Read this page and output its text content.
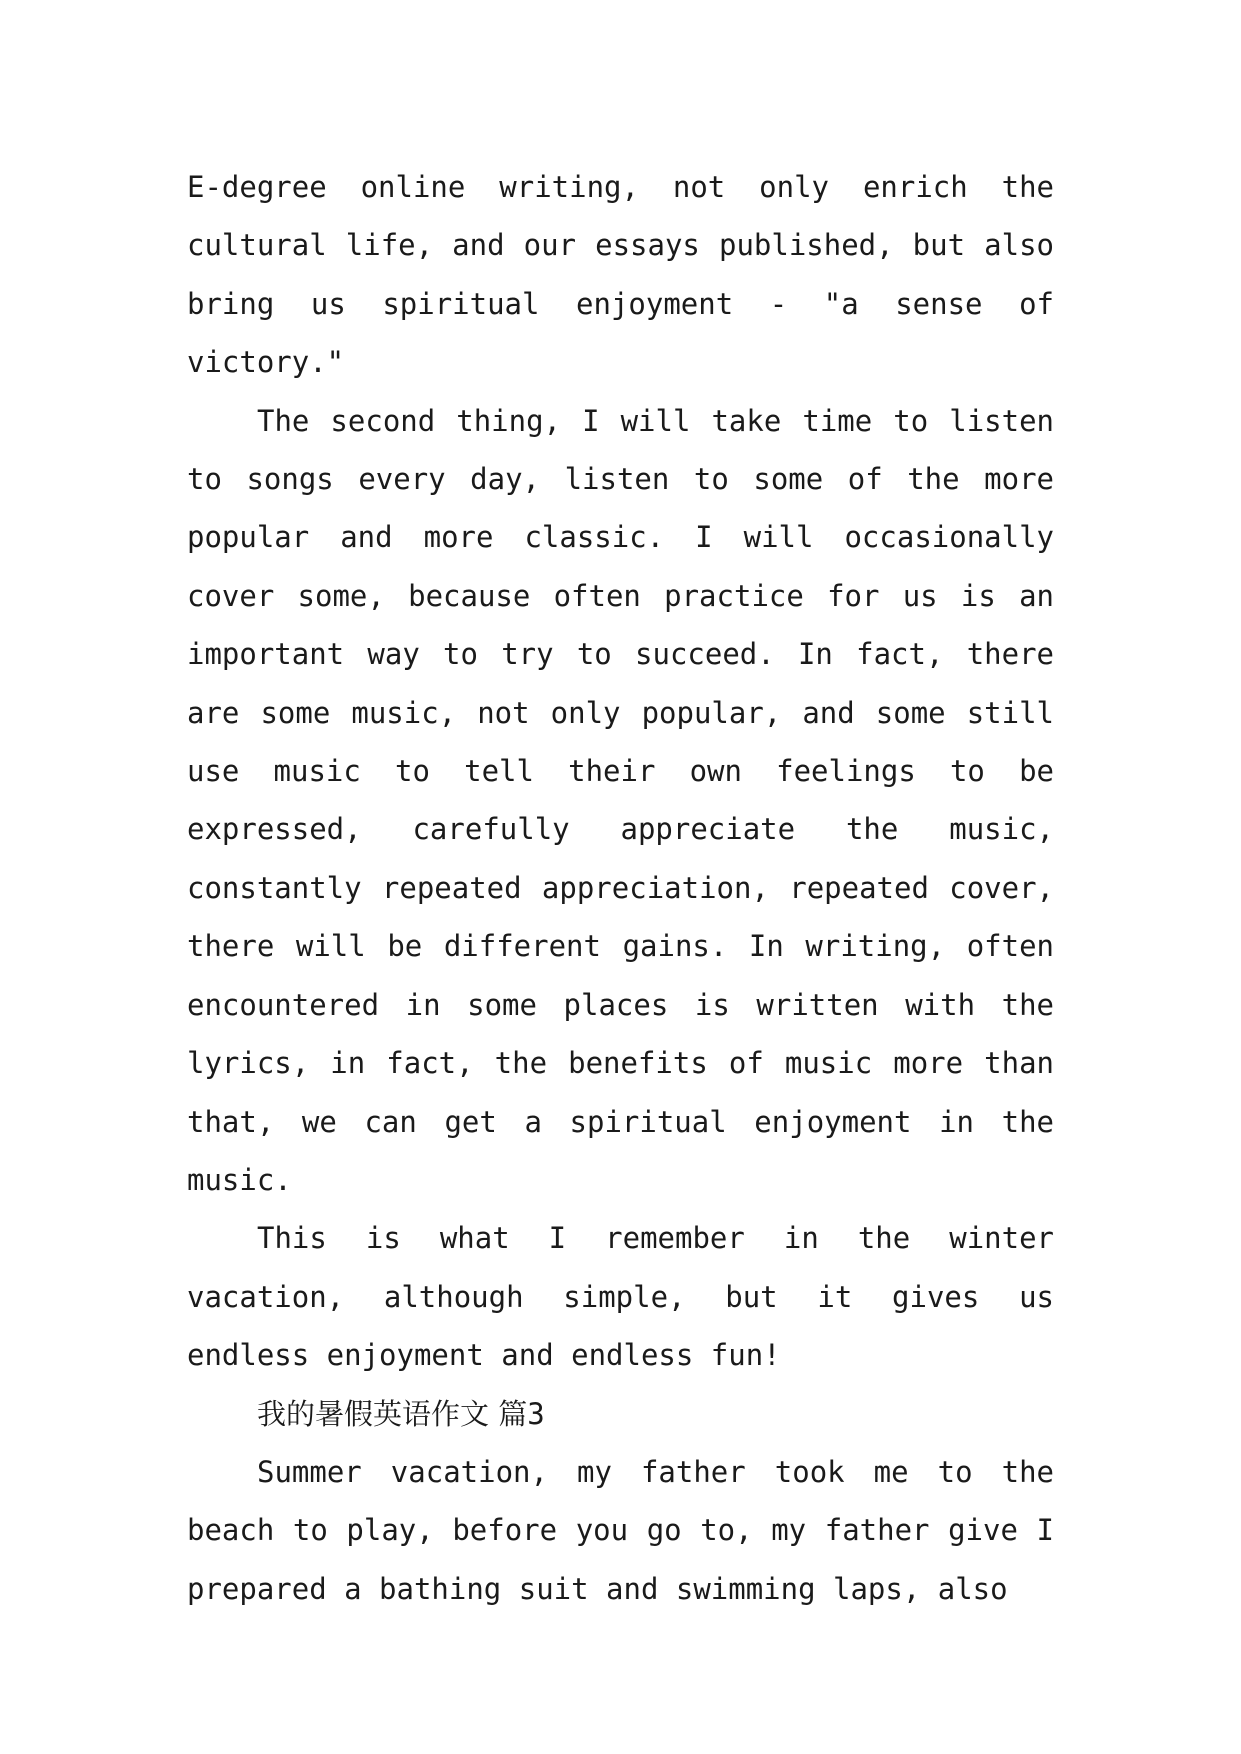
E-degree online writing, not only enrich the cultural life, and our essays published, but also bring us spiritual enjoyment - "a sense of victory."

The second thing, I will take time to listen to songs every day, listen to some of the more popular and more classic. I will occasionally cover some, because often practice for us is an important way to try to succeed. In fact, there are some music, not only popular, and some still use music to tell their own feelings to be expressed, carefully appreciate the music, constantly repeated appreciation, repeated cover, there will be different gains. In writing, often encountered in some places is written with the lyrics, in fact, the benefits of music more than that, we can get a spiritual enjoyment in the music.

This is what I remember in the winter vacation, although simple, but it gives us endless enjoyment and endless fun!

我的暑假英语作文 篇3

Summer vacation, my father took me to the beach to play, before you go to, my father give I prepared a bathing suit and swimming laps, also
